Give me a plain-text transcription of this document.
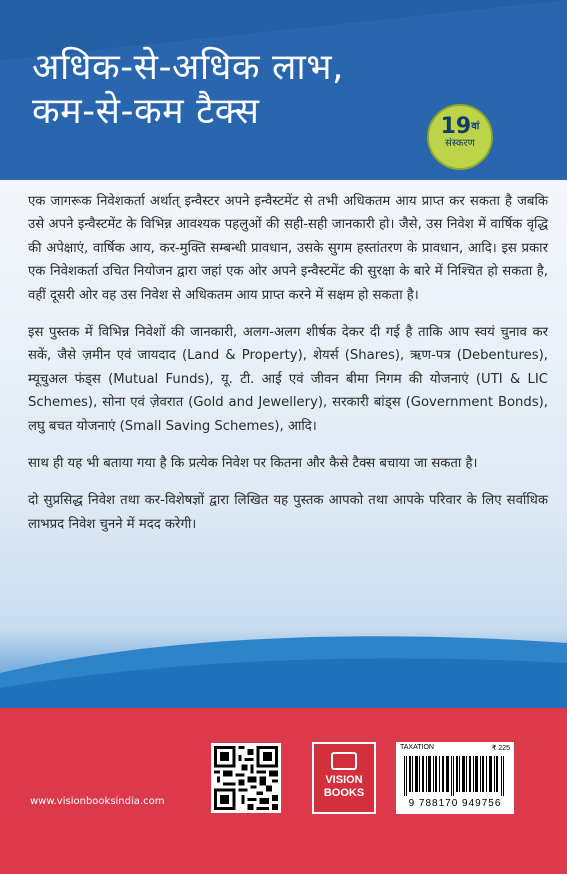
अधिक-से-अधिक लाभ,
कम-से-कम टैक्स	$19^{वां}$
संस्करण

एक जागरूक निवेशकर्ता अर्थात् इन्वैस्टर अपने इन्वैस्टमेंट से तभी अधिकतम आय प्राप्त कर सकता है जबकि उसे अपने इन्वैस्टमेंट के विभिन्न आवश्यक पहलुओं की सही-सही जानकारी हो। जैसे, उस निवेश में वार्षिक वृद्धि की अपेक्षाएं, वार्षिक आय, कर-मुक्ति सम्बन्धी प्रावधान, उसके सुगम हस्तांतरण के प्रावधान, आदि। इस प्रकार एक निवेशकर्ता उचित नियोजन द्वारा जहां एक ओर अपने इन्वैस्टमेंट की सुरक्षा के बारे में निश्चित हो सकता है, वहीं दूसरी ओर वह उस निवेश से अधिकतम आय प्राप्त करने में सक्षम हो सकता है।

इस पुस्तक में विभिन्न निवेशों की जानकारी, अलग-अलग शीर्षक देकर दी गई है ताकि आप स्वयं चुनाव कर सकें, जैसे ज़मीन एवं जायदाद (Land & Property), शेयर्स (Shares), ऋण-पत्र (Debentures), म्यूचुअल फंड्स (Mutual Funds), यू. टी. आई एवं जीवन बीमा निगम की योजनाएं (UTI & LIC Schemes), सोना एवं ज़ेवरात (Gold and Jewellery), सरकारी बांड्स (Government Bonds), लघु बचत योजनाएं (Small Saving Schemes), आदि।

साथ ही यह भी बताया गया है कि प्रत्येक निवेश पर कितना और कैसे टैक्स बचाया जा सकता है।

दो सुप्रसिद्ध निवेश तथा कर-विशेषज्ञों द्वारा लिखित यह पुस्तक आपको तथा आपके परिवार के लिए सर्वाधिक लाभप्रद निवेश चुनने में मदद करेगी।

www.visionbooksindia.com
VISION
BOOKS
TAXATION	₹ 225
9 788170 949756
